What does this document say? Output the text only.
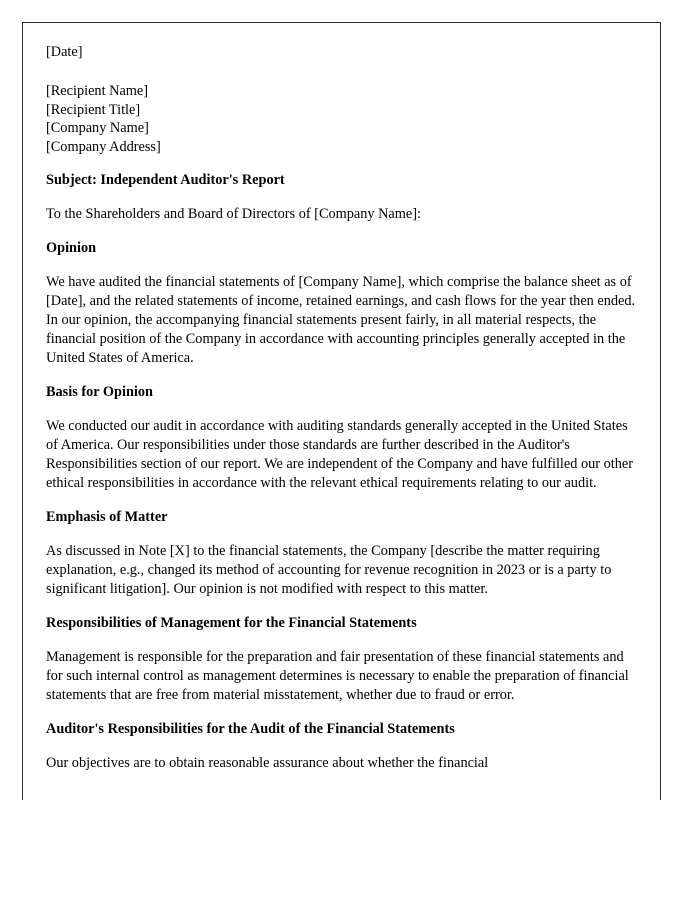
[Date]

[Recipient Name]

[Recipient Title]

[Company Name]

[Company Address]

Subject: Independent Auditor's Report

To the Shareholders and Board of Directors of [Company Name]:

Opinion

We have audited the financial statements of [Company Name], which comprise the balance sheet as of [Date], and the related statements of income, retained earnings, and cash flows for the year then ended. In our opinion, the accompanying financial statements present fairly, in all material respects, the financial position of the Company in accordance with accounting principles generally accepted in the United States of America.

Basis for Opinion

We conducted our audit in accordance with auditing standards generally accepted in the United States of America. Our responsibilities under those standards are further described in the Auditor's Responsibilities section of our report. We are independent of the Company and have fulfilled our other ethical responsibilities in accordance with the relevant ethical requirements relating to our audit.

Emphasis of Matter

As discussed in Note [X] to the financial statements, the Company [describe the matter requiring explanation, e.g., changed its method of accounting for revenue recognition in 2023 or is a party to significant litigation]. Our opinion is not modified with respect to this matter.

Responsibilities of Management for the Financial Statements

Management is responsible for the preparation and fair presentation of these financial statements and for such internal control as management determines is necessary to enable the preparation of financial statements that are free from material misstatement, whether due to fraud or error.

Auditor's Responsibilities for the Audit of the Financial Statements

Our objectives are to obtain reasonable assurance about whether the financial
